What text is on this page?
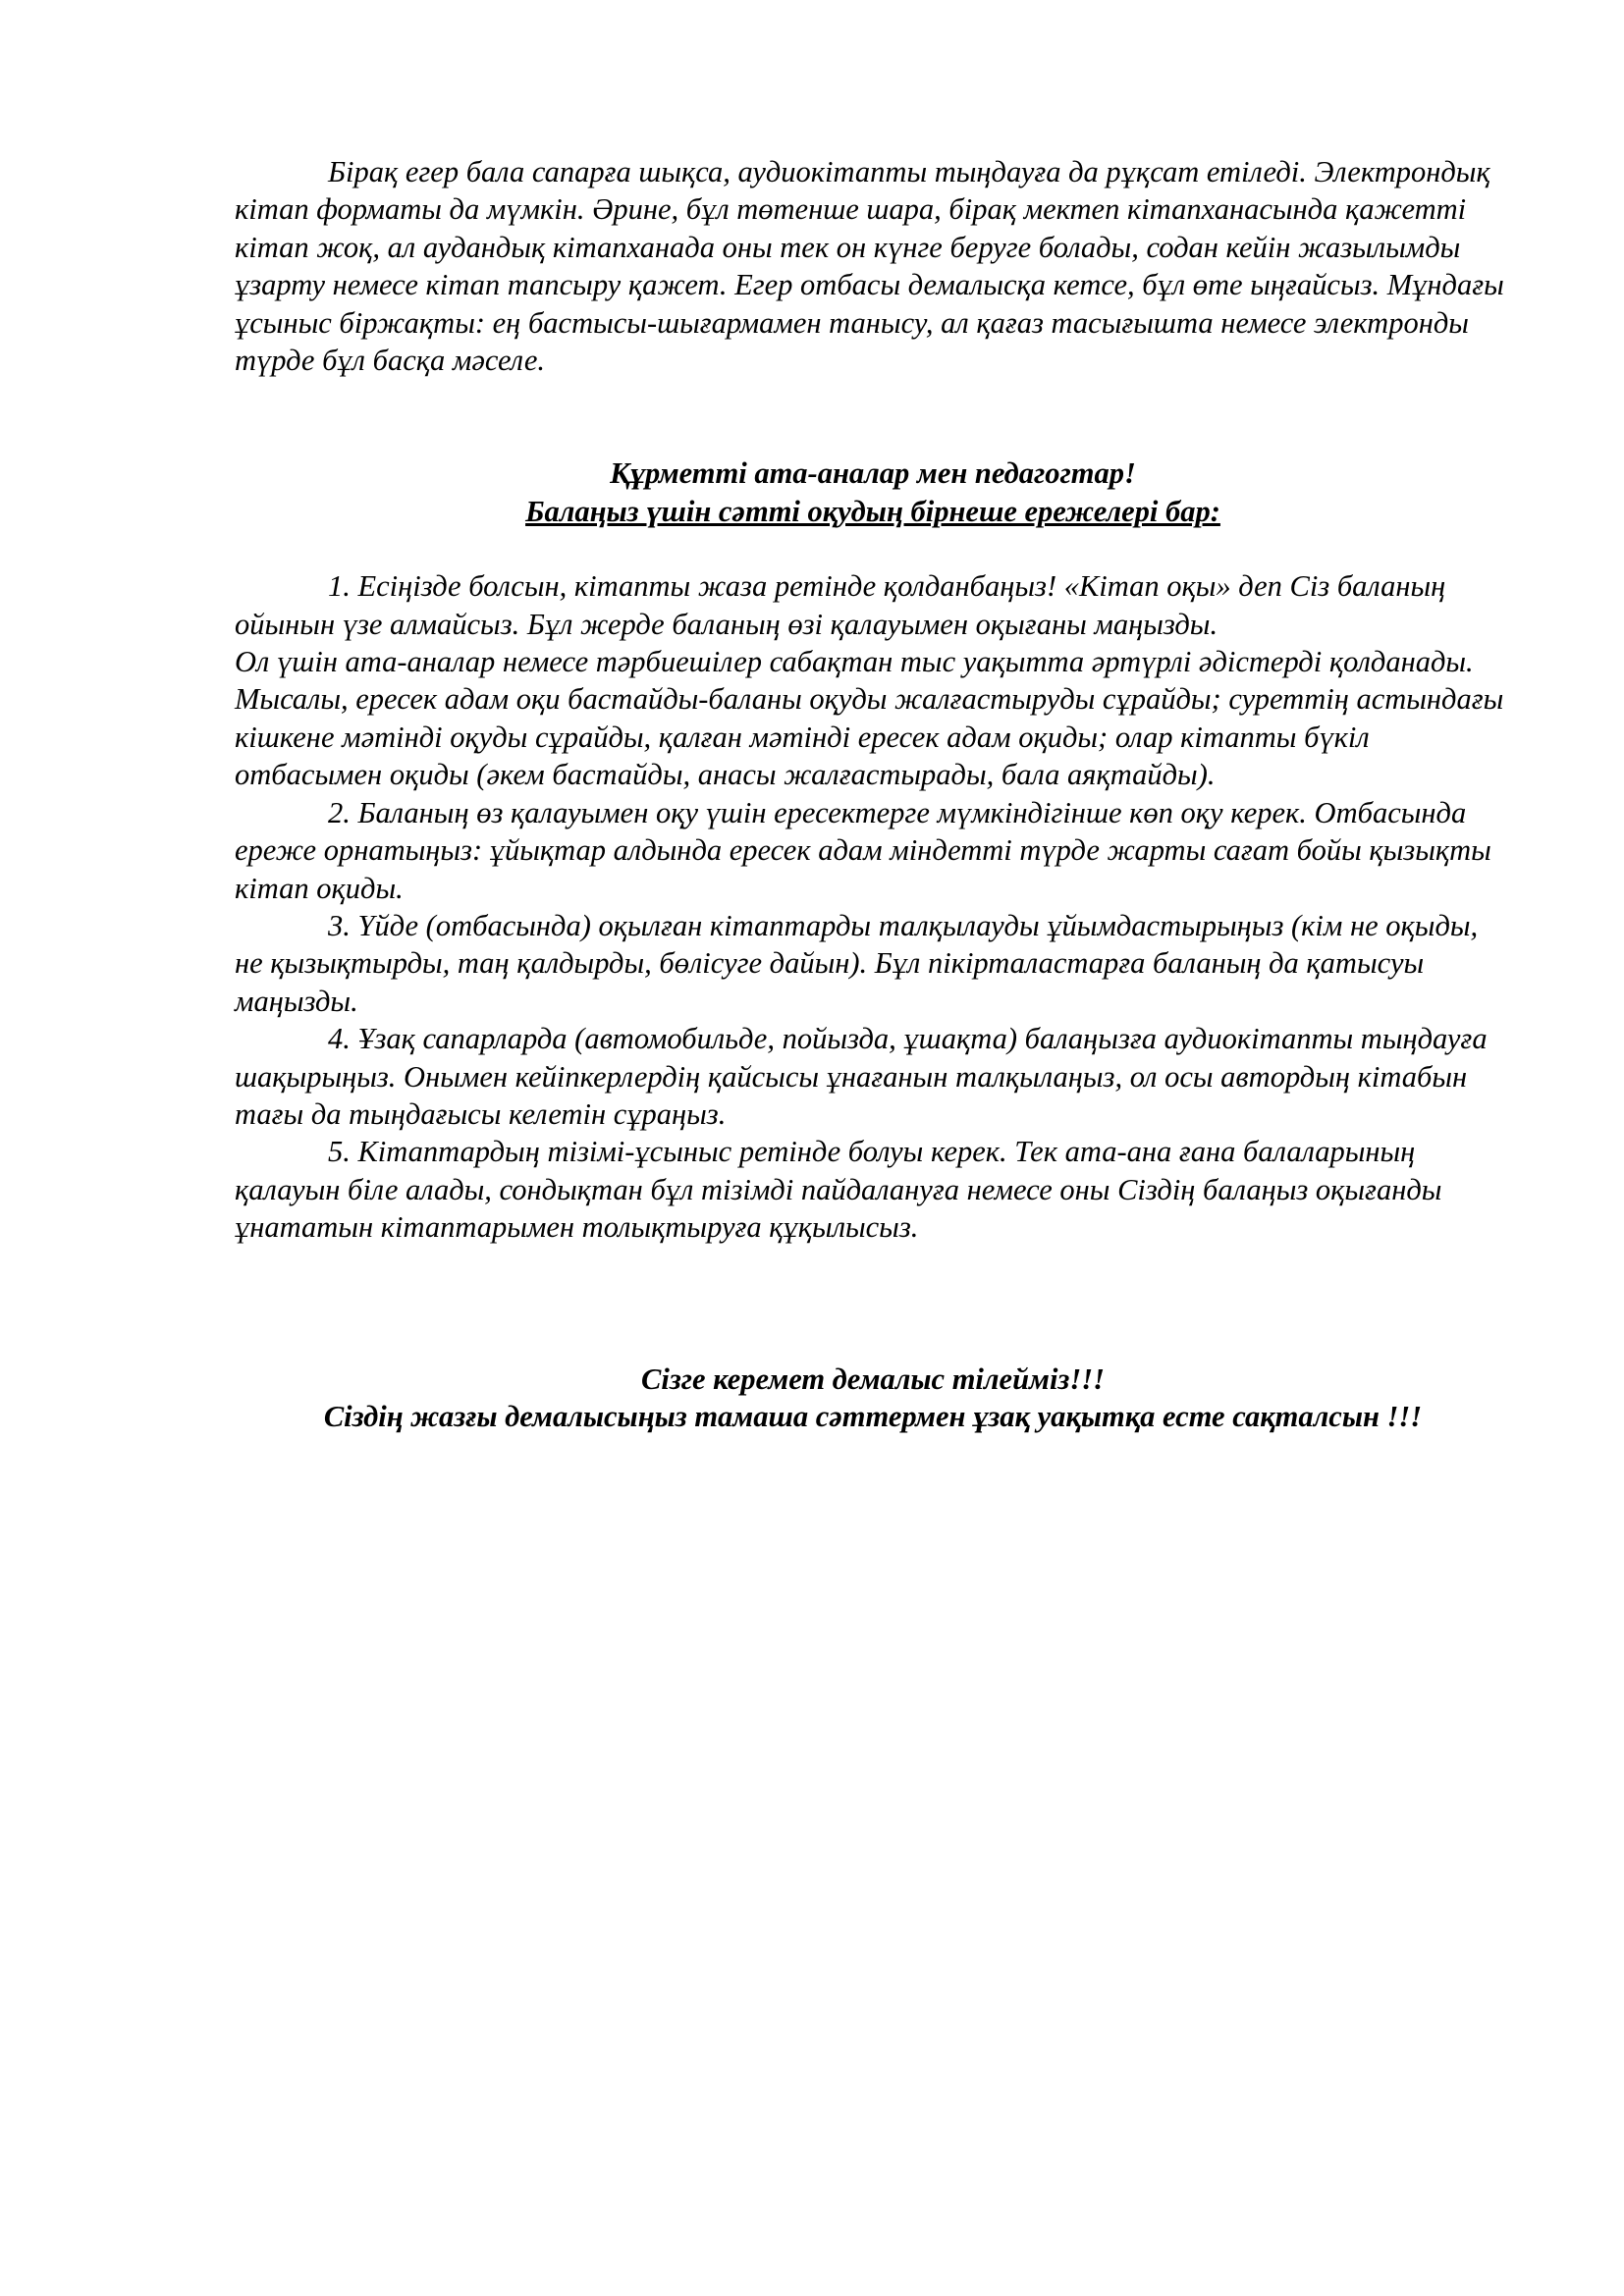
Бірақ егер бала сапарға шықса, аудиокітапты тыңдауға да рұқсат етіледі. Электрондық кітап форматы да мүмкін. Әрине, бұл төтенше шара, бірақ мектеп кітапханасында қажетті кітап жоқ, ал аудандық кітапханада оны тек он күнге беруге болады, содан кейін жазылымды ұзарту немесе кітап тапсыру қажет. Егер отбасы демалысқа кетсе, бұл өте ыңғайсыз. Мұндағы ұсыныс біржақты: ең бастысы-шығармамен танысу, ал қағаз тасығышта немесе электронды түрде бұл басқа мәселе.

Құрметті ата-аналар мен педагогтар!
Балаңыз үшін сәтті оқудың бірнеше ережелері бар:

1. Есіңізде болсын, кітапты жаза ретінде қолданбаңыз! «Кітап оқы» деп Сіз баланың ойынын үзе алмайсыз. Бұл жерде баланың өзі қалауымен оқығаны маңызды.

Ол үшін ата-аналар немесе тәрбиешілер сабақтан тыс уақытта әртүрлі әдістерді қолданады. Мысалы, ересек адам оқи бастайды-баланы оқуды жалғастыруды сұрайды; суреттің астындағы кішкене мәтінді оқуды сұрайды, қалған мәтінді ересек адам оқиды; олар кітапты бүкіл отбасымен оқиды (әкем бастайды, анасы жалғастырады, бала аяқтайды).

2. Баланың өз қалауымен оқу үшін ересектерге мүмкіндігінше көп оқу керек. Отбасында ереже орнатыңыз: ұйықтар алдында ересек адам міндетті түрде жарты сағат бойы қызықты кітап оқиды.

3. Үйде (отбасында) оқылған кітаптарды талқылауды ұйымдастырыңыз (кім не оқыды, не қызықтырды, таң қалдырды, бөлісуге дайын). Бұл пікірталастарға баланың да қатысуы маңызды.

4. Ұзақ сапарларда (автомобильде, пойызда, ұшақта) балаңызға аудиокітапты тыңдауға шақырыңыз. Онымен кейіпкерлердің қайсысы ұнағанын талқылаңыз, ол осы автордың кітабын тағы да тыңдағысы келетін сұраңыз.

5. Кітаптардың тізімі-ұсыныс ретінде болуы керек. Тек ата-ана ғана балаларының қалауын біле алады, сондықтан бұл тізімді пайдалануға немесе оны Сіздің балаңыз оқығанды ұнататын кітаптарымен толықтыруға құқылысыз.

Сізге керемет демалыс тілейміз!!!
Сіздің жазғы демалысыңыз тамаша сәттермен ұзақ уақытқа есте сақталсын !!!
